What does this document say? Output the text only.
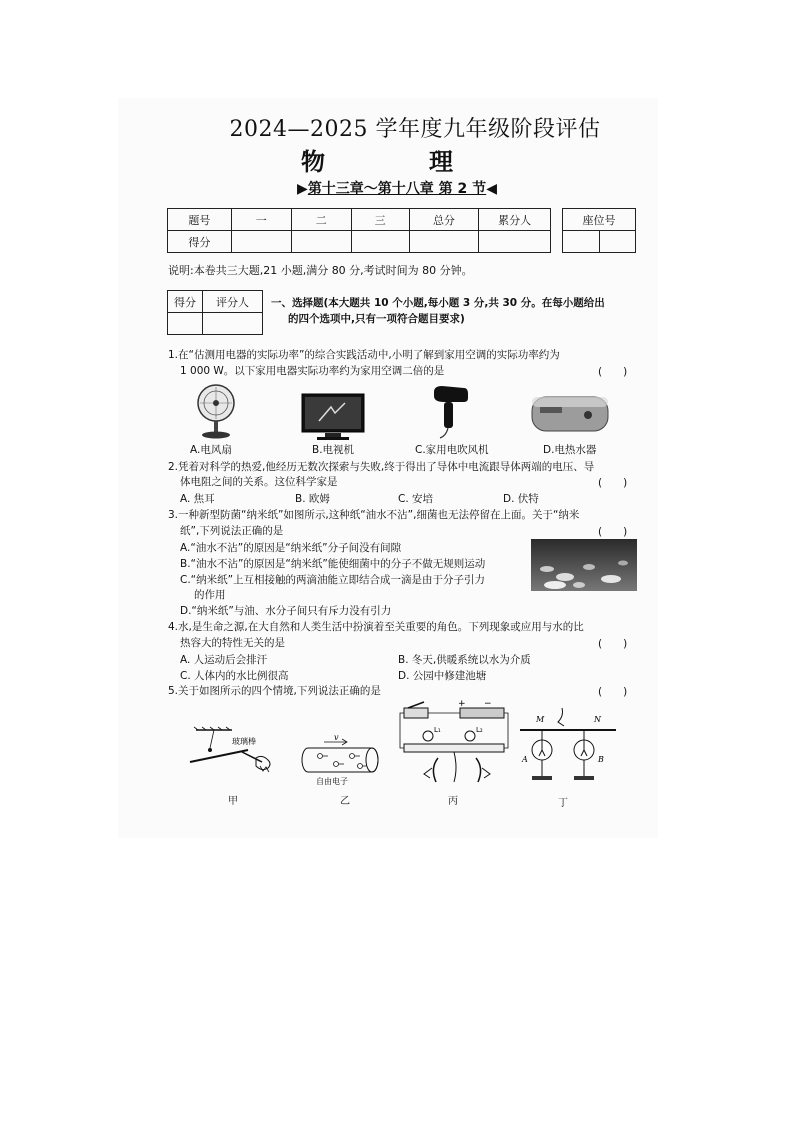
2024—2025 学年度九年级阶段评估
物　理
▶第十三章～第十八章 第 2 节◀
题号	一	二	三	总分	累分人
得分					
座位号

说明:本卷共三大题,21 小题,满分 80 分,考试时间为 80 分钟。
得分	评分人
	一、选择题(本大题共 10 个小题,每小题 3 分,共 30 分。在每小题给出
的四个选项中,只有一项符合题目要求)
1.在“估测用电器的实际功率”的综合实践活动中,小明了解到家用空调的实际功率约为
1 000 W。以下家用电器实际功率约为家用空调二倍的是	(　　)
A.电风扇	B.电视机	C.家用电吹风机	D.电热水器
2.凭着对科学的热爱,他经历无数次探索与失败,终于得出了导体中电流跟导体两端的电压、导
体电阻之间的关系。这位科学家是	(　　)
A. 焦耳	B. 欧姆	C. 安培	D. 伏特
3.一种新型防菌“纳米纸”如图所示,这种纸“油水不沾”,细菌也无法停留在上面。关于“纳米
纸”,下列说法正确的是	(　　)
A.“油水不沾”的原因是“纳米纸”分子间没有间隙
B.“油水不沾”的原因是“纳米纸”能使细菌中的分子不做无规则运动
C.“纳米纸”上互相接触的两滴油能立即结合成一滴是由于分子引力
的作用
D.“纳米纸”与油、水分子间只有斥力没有引力
4.水,是生命之源,在大自然和人类生活中扮演着至关重要的角色。下列现象或应用与水的比
热容大的特性无关的是	(　　)
A. 人运动后会排汗	B. 冬天,供暖系统以水为介质
C. 人体内的水比例很高	D. 公园中修建池塘
5.关于如图所示的四个情境,下列说法正确的是	(　　)
玻璃棒	v
自由电子
+ −
L₁	L₂
M	N
A	B
甲	乙	丙	丁
